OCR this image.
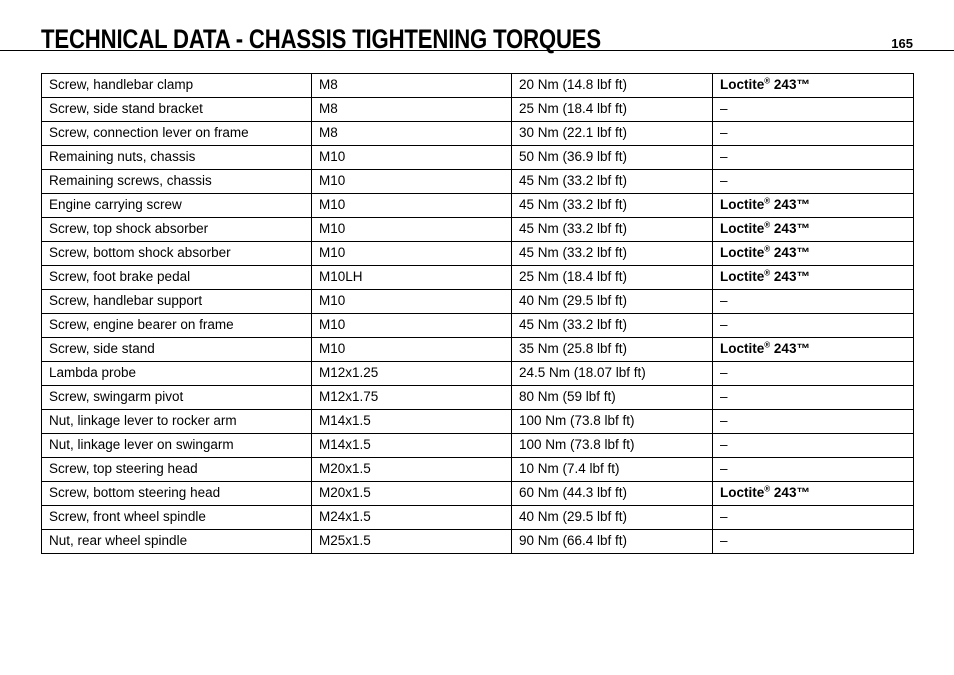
TECHNICAL DATA - CHASSIS TIGHTENING TORQUES	165
Screw, handlebar clamp	M8	20 Nm (14.8 lbf ft)	Loctite® 243™
Screw, side stand bracket	M8	25 Nm (18.4 lbf ft)	–
Screw, connection lever on frame	M8	30 Nm (22.1 lbf ft)	–
Remaining nuts, chassis	M10	50 Nm (36.9 lbf ft)	–
Remaining screws, chassis	M10	45 Nm (33.2 lbf ft)	–
Engine carrying screw	M10	45 Nm (33.2 lbf ft)	Loctite® 243™
Screw, top shock absorber	M10	45 Nm (33.2 lbf ft)	Loctite® 243™
Screw, bottom shock absorber	M10	45 Nm (33.2 lbf ft)	Loctite® 243™
Screw, foot brake pedal	M10LH	25 Nm (18.4 lbf ft)	Loctite® 243™
Screw, handlebar support	M10	40 Nm (29.5 lbf ft)	–
Screw, engine bearer on frame	M10	45 Nm (33.2 lbf ft)	–
Screw, side stand	M10	35 Nm (25.8 lbf ft)	Loctite® 243™
Lambda probe	M12x1.25	24.5 Nm (18.07 lbf ft)	–
Screw, swingarm pivot	M12x1.75	80 Nm (59 lbf ft)	–
Nut, linkage lever to rocker arm	M14x1.5	100 Nm (73.8 lbf ft)	–
Nut, linkage lever on swingarm	M14x1.5	100 Nm (73.8 lbf ft)	–
Screw, top steering head	M20x1.5	10 Nm (7.4 lbf ft)	–
Screw, bottom steering head	M20x1.5	60 Nm (44.3 lbf ft)	Loctite® 243™
Screw, front wheel spindle	M24x1.5	40 Nm (29.5 lbf ft)	–
Nut, rear wheel spindle	M25x1.5	90 Nm (66.4 lbf ft)	–
